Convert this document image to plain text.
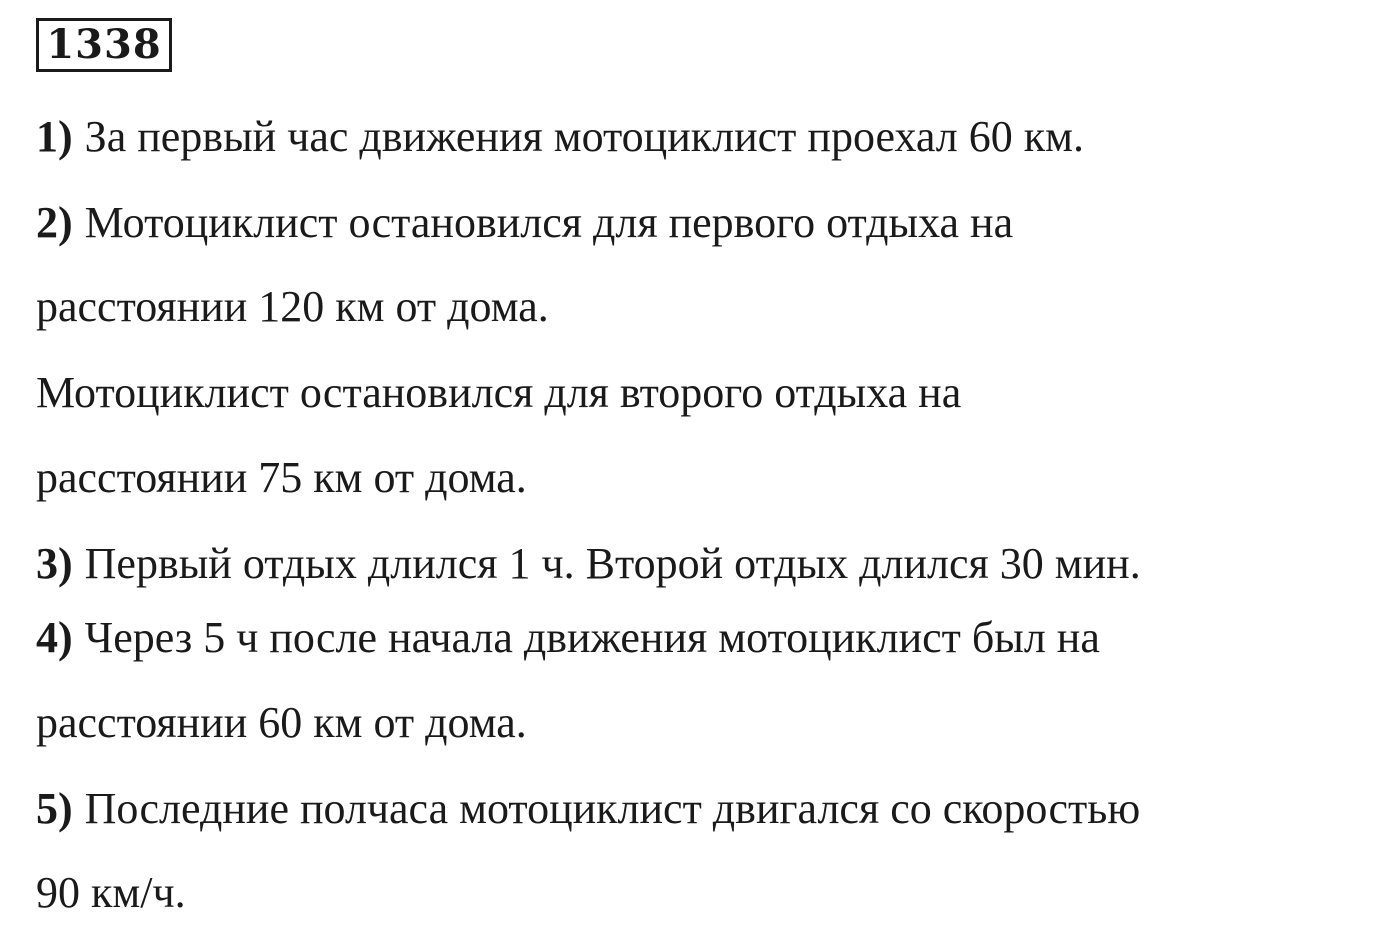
1338
1) За первый час движения мотоциклист проехал 60 км.
2) Мотоциклист остановился для первого отдыха на
расстоянии 120 км от дома.
Мотоциклист остановился для второго отдыха на
расстоянии 75 км от дома.
3) Первый отдых длился 1 ч. Второй отдых длился 30 мин.
4) Через 5 ч после начала движения мотоциклист был на
расстоянии 60 км от дома.
5) Последние полчаса мотоциклист двигался со скоростью
90 км/ч.
